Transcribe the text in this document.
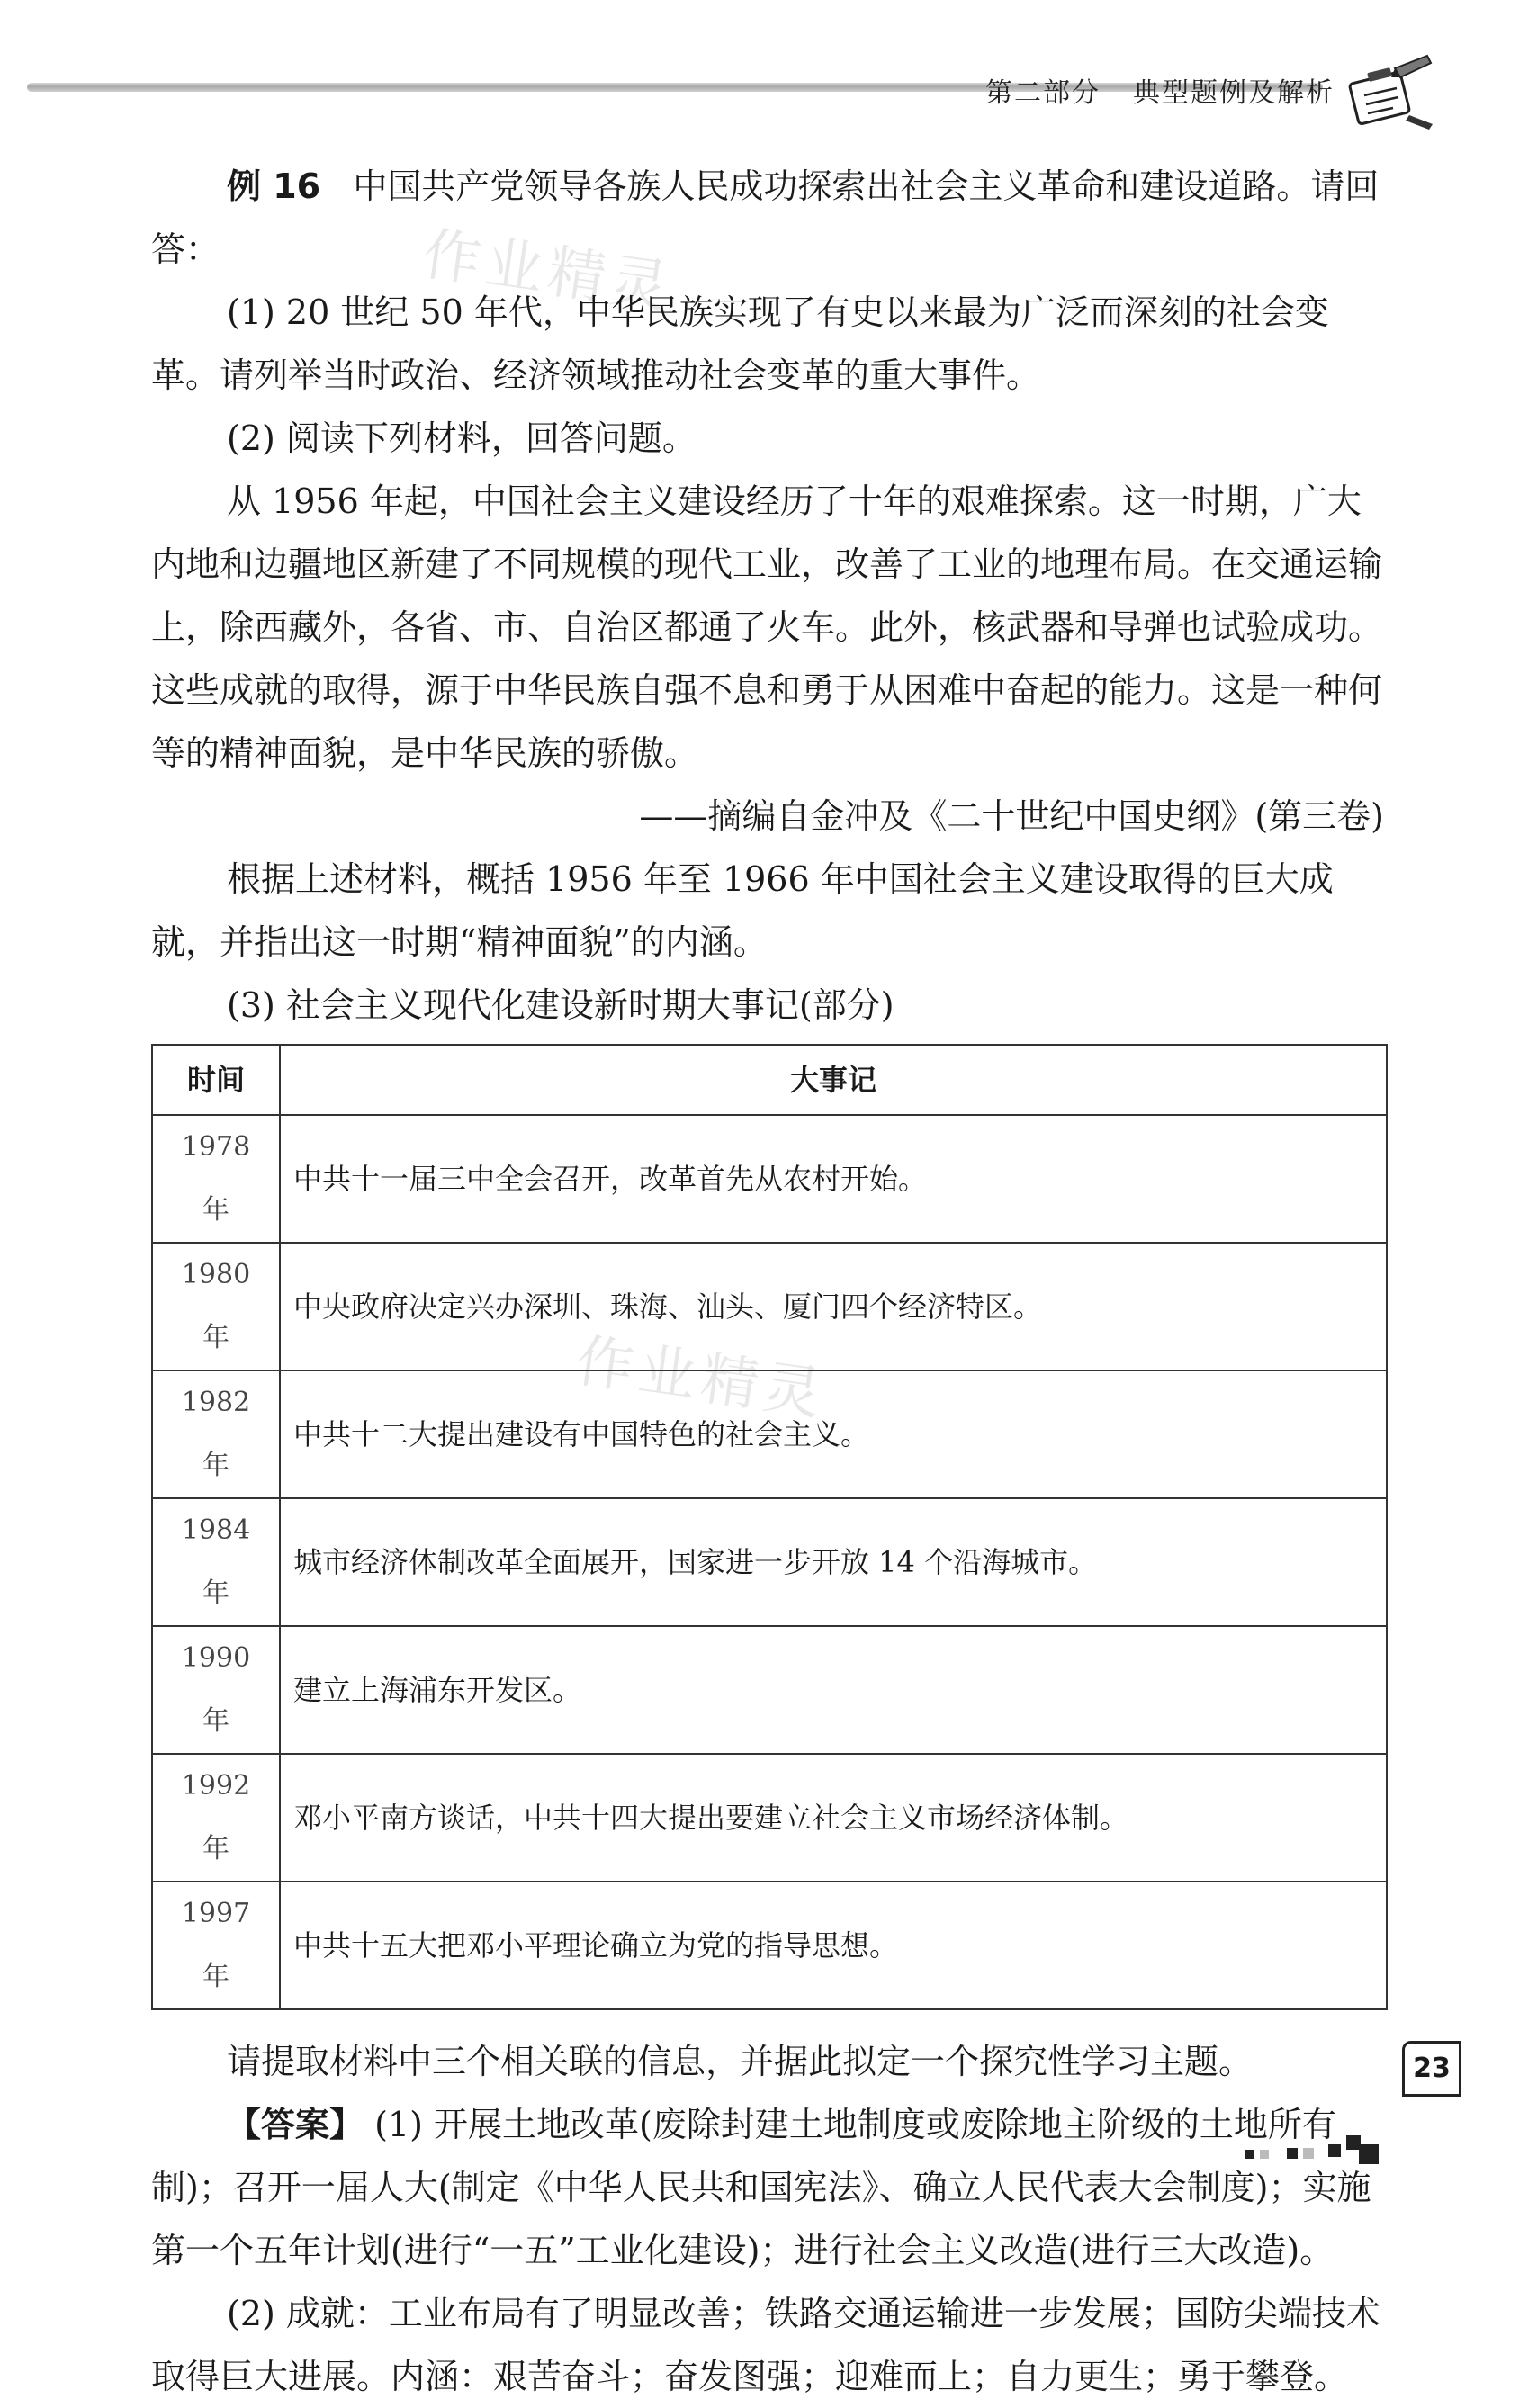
第二部分 典型题例及解析
作业精灵
作业精灵

例 16 中国共产党领导各族人民成功探索出社会主义革命和建设道路。请回答：

(1) 20 世纪 50 年代，中华民族实现了有史以来最为广泛而深刻的社会变革。请列举当时政治、经济领域推动社会变革的重大事件。

(2) 阅读下列材料，回答问题。

从 1956 年起，中国社会主义建设经历了十年的艰难探索。这一时期，广大内地和边疆地区新建了不同规模的现代工业，改善了工业的地理布局。在交通运输上，除西藏外，各省、市、自治区都通了火车。此外，核武器和导弹也试验成功。这些成就的取得，源于中华民族自强不息和勇于从困难中奋起的能力。这是一种何等的精神面貌，是中华民族的骄傲。

——摘编自金冲及《二十世纪中国史纲》(第三卷)

根据上述材料，概括 1956 年至 1966 年中国社会主义建设取得的巨大成就，并指出这一时期“精神面貌”的内涵。

(3) 社会主义现代化建设新时期大事记(部分)

时间	大事记
1978 年	中共十一届三中全会召开，改革首先从农村开始。
1980 年	中央政府决定兴办深圳、珠海、汕头、厦门四个经济特区。
1982 年	中共十二大提出建设有中国特色的社会主义。
1984 年	城市经济体制改革全面展开，国家进一步开放 14 个沿海城市。
1990 年	建立上海浦东开发区。
1992 年	邓小平南方谈话，中共十四大提出要建立社会主义市场经济体制。
1997 年	中共十五大把邓小平理论确立为党的指导思想。

请提取材料中三个相关联的信息，并据此拟定一个探究性学习主题。

【答案】 (1) 开展土地改革(废除封建土地制度或废除地主阶级的土地所有制)；召开一届人大(制定《中华人民共和国宪法》、确立人民代表大会制度)；实施第一个五年计划(进行“一五”工业化建设)；进行社会主义改造(进行三大改造)。

(2) 成就：工业布局有了明显改善；铁路交通运输进一步发展；国防尖端技术取得巨大进展。内涵：艰苦奋斗；奋发图强；迎难而上；自力更生；勇于攀登。

23
